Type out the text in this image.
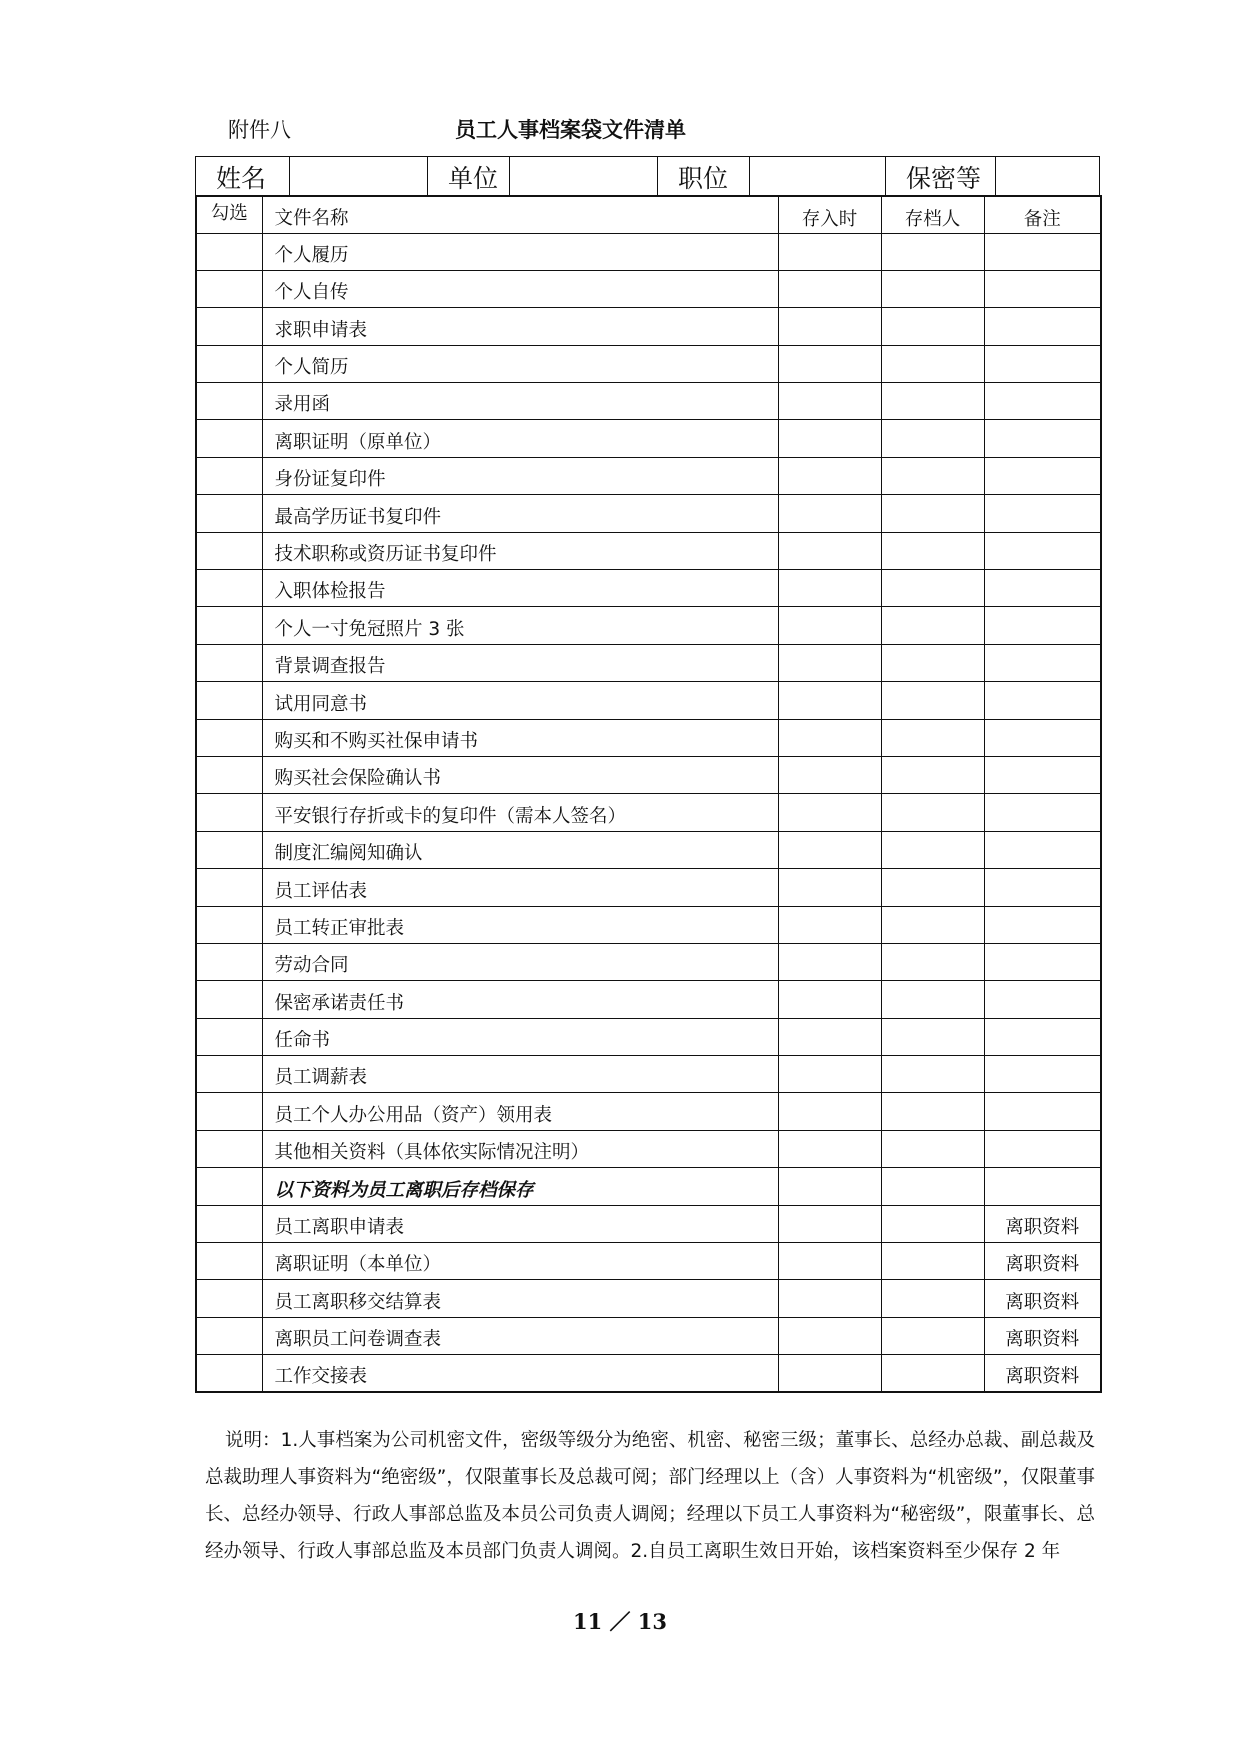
附件八	员工人事档案袋文件清单
姓名	单位	职位	保密等
勾选	文件名称	存入时	存档人	备注
	个人履历			
	个人自传			
	求职申请表			
	个人简历			
	录用函			
	离职证明（原单位）			
	身份证复印件			
	最高学历证书复印件			
	技术职称或资历证书复印件			
	入职体检报告			
	个人一寸免冠照片 3 张			
	背景调查报告			
	试用同意书			
	购买和不购买社保申请书			
	购买社会保险确认书			
	平安银行存折或卡的复印件（需本人签名）			
	制度汇编阅知确认			
	员工评估表			
	员工转正审批表			
	劳动合同			
	保密承诺责任书			
	任命书			
	员工调薪表			
	员工个人办公用品（资产）领用表			
	其他相关资料（具体依实际情况注明）			
	以下资料为员工离职后存档保存			
	员工离职申请表			离职资料
	离职证明（本单位）			离职资料
	员工离职移交结算表			离职资料
	离职员工问卷调查表			离职资料
	工作交接表			离职资料
说明：1.人事档案为公司机密文件，密级等级分为绝密、机密、秘密三级；董事长、总经办总裁、副总裁及总裁助理人事资料为“绝密级”，仅限董事长及总裁可阅；部门经理以上（含）人事资料为“机密级”，仅限董事长、总经办领导、行政人事部总监及本员公司负责人调阅；经理以下员工人事资料为“秘密级”，限董事长、总经办领导、行政人事部总监及本员部门负责人调阅。2.自员工离职生效日开始，该档案资料至少保存 2 年
11 ／ 13
